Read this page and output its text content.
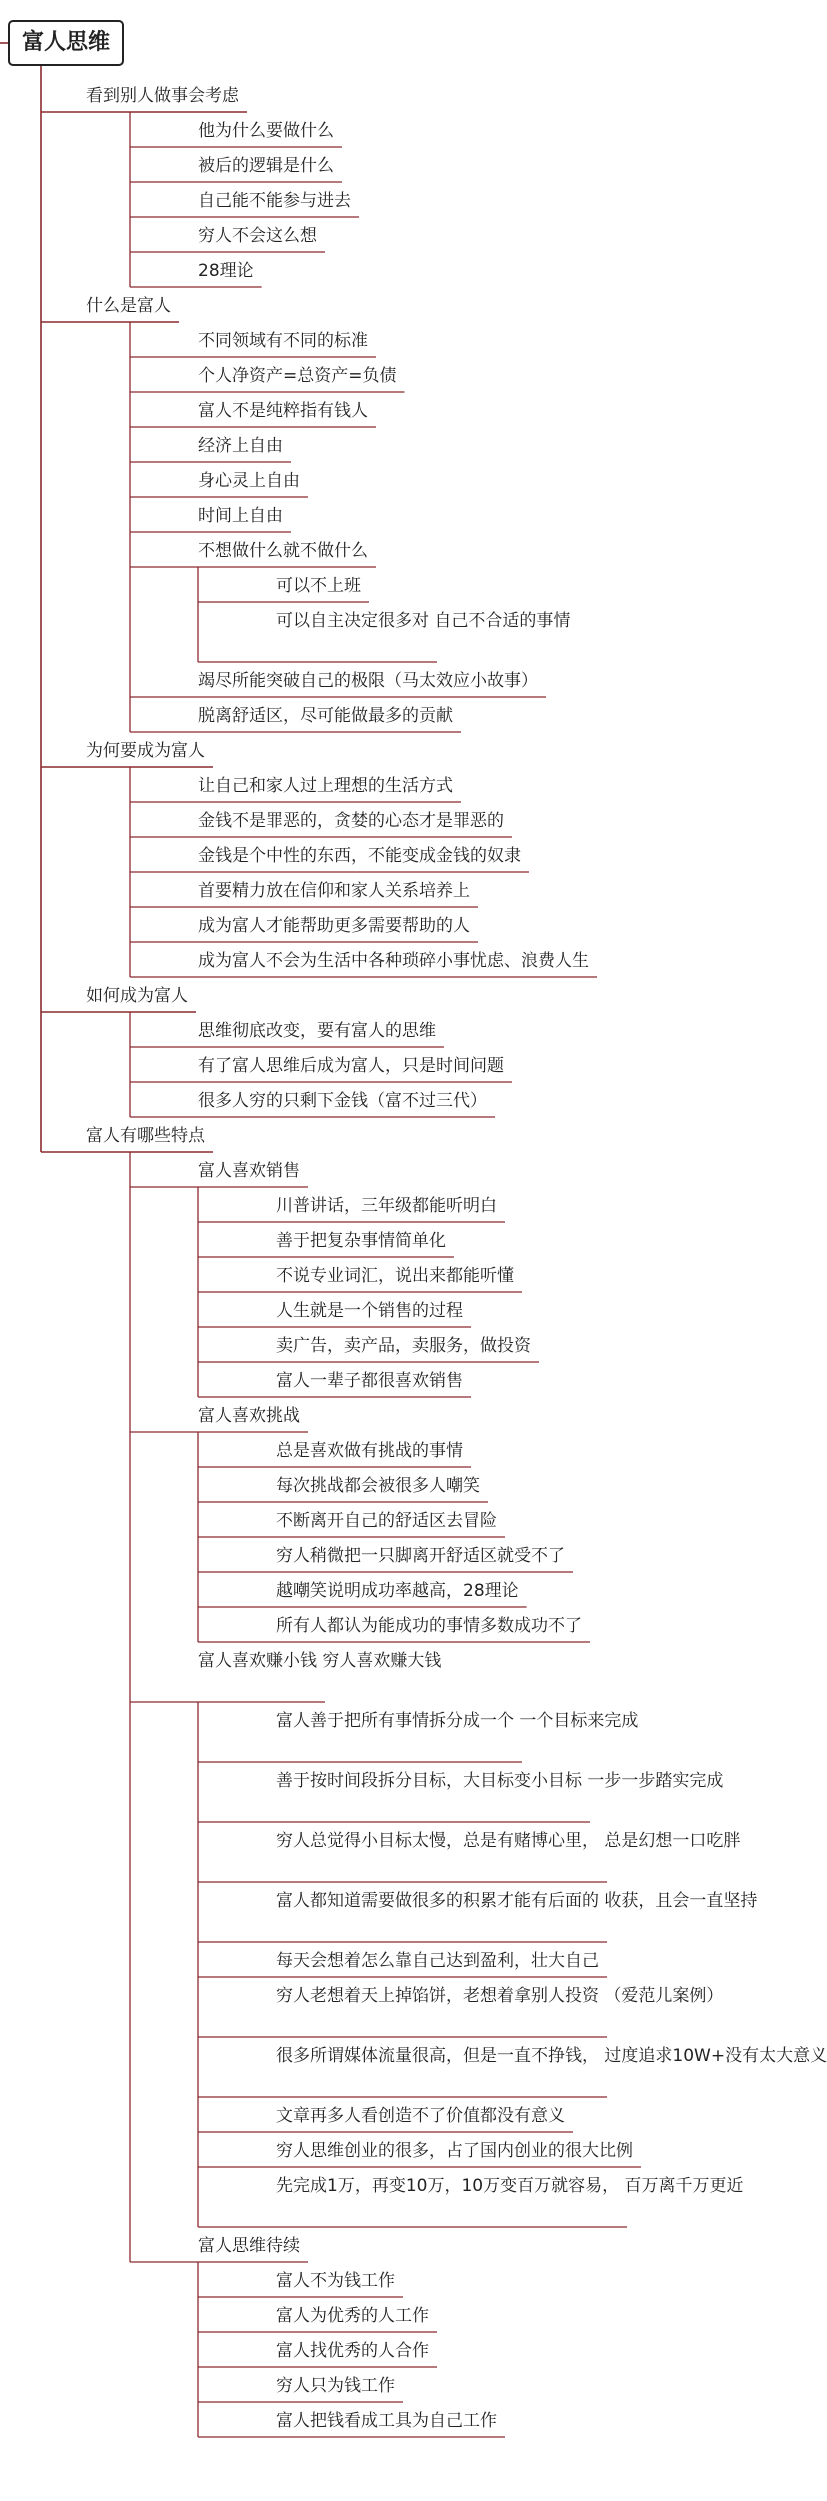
富人思维
看到别人做事会考虑
他为什么要做什么
被后的逻辑是什么
自己能不能参与进去
穷人不会这么想
28理论
什么是富人
不同领域有不同的标准
个人净资产=总资产=负债
富人不是纯粹指有钱人
经济上自由
身心灵上自由
时间上自由
不想做什么就不做什么
可以不上班
可以自主决定很多对 自己不合适的事情
竭尽所能突破自己的极限（马太效应小故事）
脱离舒适区，尽可能做最多的贡献
为何要成为富人
让自己和家人过上理想的生活方式
金钱不是罪恶的，贪婪的心态才是罪恶的
金钱是个中性的东西，不能变成金钱的奴隶
首要精力放在信仰和家人关系培养上
成为富人才能帮助更多需要帮助的人
成为富人不会为生活中各种琐碎小事忧虑、浪费人生
如何成为富人
思维彻底改变，要有富人的思维
有了富人思维后成为富人，只是时间问题
很多人穷的只剩下金钱（富不过三代）
富人有哪些特点
富人喜欢销售
川普讲话，三年级都能听明白
善于把复杂事情简单化
不说专业词汇，说出来都能听懂
人生就是一个销售的过程
卖广告，卖产品，卖服务，做投资
富人一辈子都很喜欢销售
富人喜欢挑战
总是喜欢做有挑战的事情
每次挑战都会被很多人嘲笑
不断离开自己的舒适区去冒险
穷人稍微把一只脚离开舒适区就受不了
越嘲笑说明成功率越高，28理论
所有人都认为能成功的事情多数成功不了
富人喜欢赚小钱 穷人喜欢赚大钱
富人善于把所有事情拆分成一个 一个目标来完成
善于按时间段拆分目标，大目标变小目标 一步一步踏实完成
穷人总觉得小目标太慢，总是有赌博心里， 总是幻想一口吃胖
富人都知道需要做很多的积累才能有后面的 收获，且会一直坚持
每天会想着怎么靠自己达到盈利，壮大自己
穷人老想着天上掉馅饼，老想着拿别人投资 （爱范儿案例）
很多所谓媒体流量很高，但是一直不挣钱， 过度追求10W+没有太大意义
文章再多人看创造不了价值都没有意义
穷人思维创业的很多，占了国内创业的很大比例
先完成1万，再变10万，10万变百万就容易， 百万离千万更近
富人思维待续
富人不为钱工作
富人为优秀的人工作
富人找优秀的人合作
穷人只为钱工作
富人把钱看成工具为自己工作
